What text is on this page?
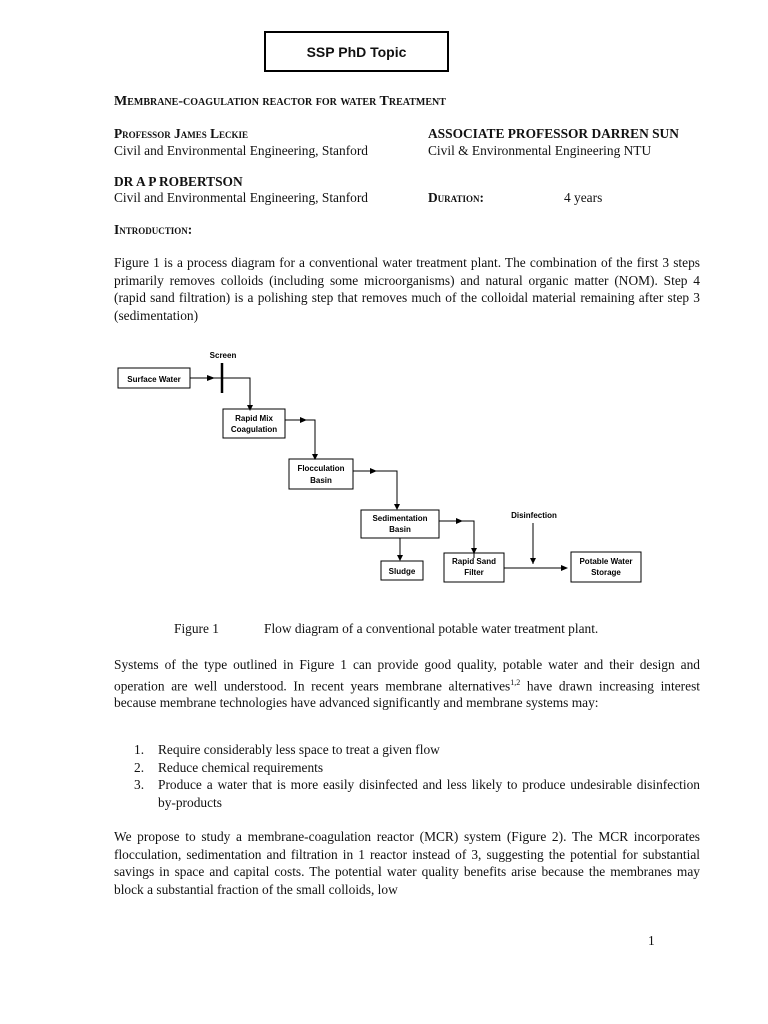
SSP PhD Topic
Membrane-coagulation reactor for water Treatment
Professor James Leckie
Civil and Environmental Engineering, Stanford
ASSOCIATE PROFESSOR DARREN SUN
Civil & Environmental Engineering NTU
DR A P ROBERTSON
Civil and Environmental Engineering, Stanford	Duration:	4 years
Introduction:
Figure 1 is a process diagram for a conventional water treatment plant. The combination of the first 3 steps primarily removes colloids (including some microorganisms) and natural organic matter (NOM). Step 4 (rapid sand filtration) is a polishing step that removes much of the colloidal material remaining after step 3 (sedimentation)
Screen
Surface Water
Rapid Mix
Coagulation
Flocculation
Basin
Sedimentation
Basin
Disinfection
Sludge
Rapid Sand
Filter
Potable Water
Storage
Figure 1	Flow diagram of a conventional potable water treatment plant.
Systems of the type outlined in Figure 1 can provide good quality, potable water and their design and operation are well understood. In recent years membrane alternatives$^{1,2}$ have drawn increasing interest because membrane technologies have advanced significantly and membrane systems may:
1.	Require considerably less space to treat a given flow
2.	Reduce chemical requirements
3.	Produce a water that is more easily disinfected and less likely to produce undesirable disinfection by-products
We propose to study a membrane-coagulation reactor (MCR) system (Figure 2). The MCR incorporates flocculation, sedimentation and filtration in 1 reactor instead of 3, suggesting the potential for substantial savings in space and capital costs. The potential water quality benefits arise because the membranes may block a substantial fraction of the small colloids, low
1
